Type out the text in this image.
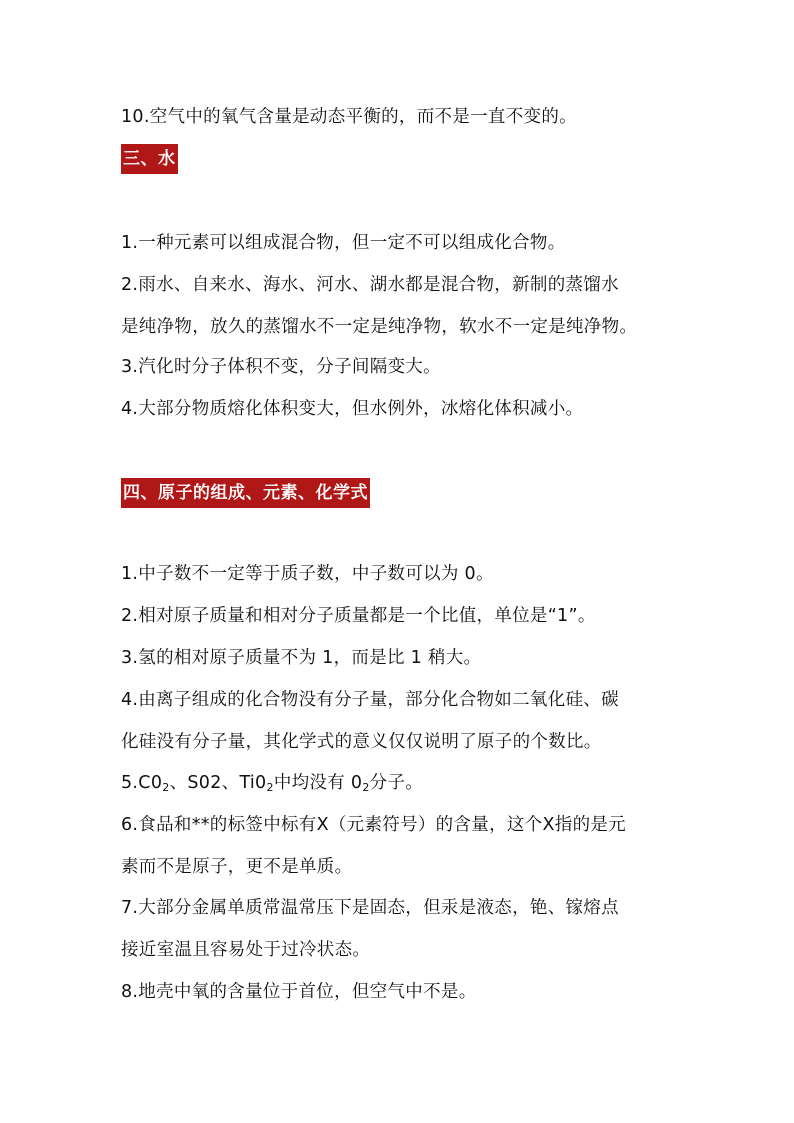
10.空气中的氧气含量是动态平衡的，而不是一直不变的。
三、水
1.一种元素可以组成混合物，但一定不可以组成化合物。
2.雨水、自来水、海水、河水、湖水都是混合物，新制的蒸馏水
是纯净物，放久的蒸馏水不一定是纯净物，软水不一定是纯净物。
3.汽化时分子体积不变，分子间隔变大。
4.大部分物质熔化体积变大，但水例外，冰熔化体积减小。
四、原子的组成、元素、化学式
1.中子数不一定等于质子数，中子数可以为 0。
2.相对原子质量和相对分子质量都是一个比值，单位是“1”。
3.氢的相对原子质量不为 1，而是比 1 稍大。
4.由离子组成的化合物没有分子量，部分化合物如二氧化硅、碳
化硅没有分子量，其化学式的意义仅仅说明了原子的个数比。
$5.C0_2$、S02、$Ti0_2$中均没有 $0_2$分子。
6.食品和**的标签中标有X（元素符号）的含量，这个X指的是元
素而不是原子，更不是单质。
7.大部分金属单质常温常压下是固态，但汞是液态，铯、镓熔点
接近室温且容易处于过冷状态。
8.地壳中氧的含量位于首位，但空气中不是。
